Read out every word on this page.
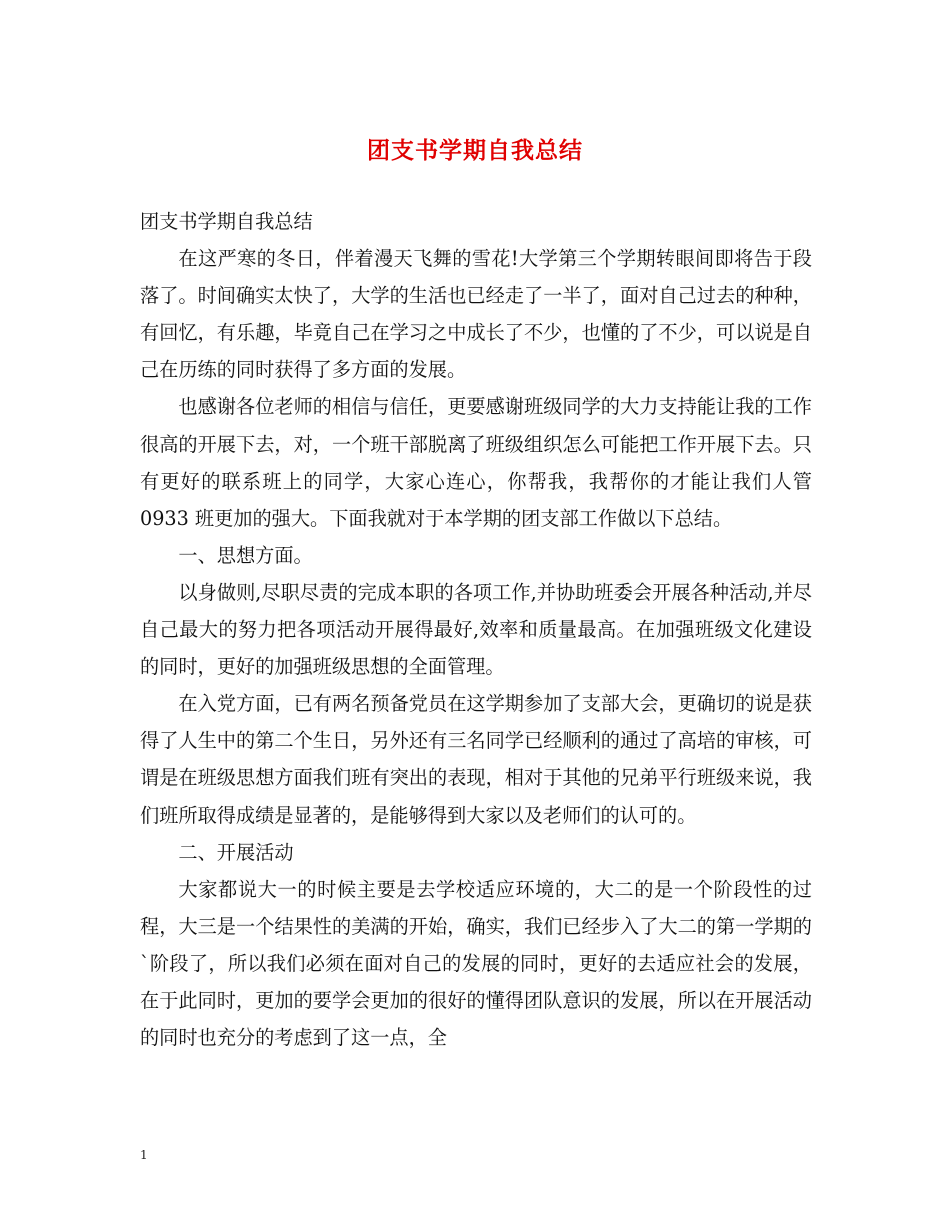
团支书学期自我总结

团支书学期自我总结

在这严寒的冬日，伴着漫天飞舞的雪花!大学第三个学期转眼间即将告于段落了。时间确实太快了，大学的生活也已经走了一半了，面对自己过去的种种，有回忆，有乐趣，毕竟自己在学习之中成长了不少，也懂的了不少，可以说是自己在历练的同时获得了多方面的发展。

也感谢各位老师的相信与信任，更要感谢班级同学的大力支持能让我的工作很高的开展下去，对，一个班干部脱离了班级组织怎么可能把工作开展下去。只有更好的联系班上的同学，大家心连心，你帮我，我帮你的才能让我们人管 0933 班更加的强大。下面我就对于本学期的团支部工作做以下总结。

一、思想方面。

以身做则,尽职尽责的完成本职的各项工作,并协助班委会开展各种活动,并尽自己最大的努力把各项活动开展得最好,效率和质量最高。在加强班级文化建设的同时，更好的加强班级思想的全面管理。

在入党方面，已有两名预备党员在这学期参加了支部大会，更确切的说是获得了人生中的第二个生日，另外还有三名同学已经顺利的通过了高培的审核，可谓是在班级思想方面我们班有突出的表现，相对于其他的兄弟平行班级来说，我们班所取得成绩是显著的，是能够得到大家以及老师们的认可的。

二、开展活动

大家都说大一的时候主要是去学校适应环境的，大二的是一个阶段性的过程，大三是一个结果性的美满的开始，确实，我们已经步入了大二的第一学期的`阶段了，所以我们必须在面对自己的发展的同时，更好的去适应社会的发展，在于此同时，更加的要学会更加的很好的懂得团队意识的发展，所以在开展活动的同时也充分的考虑到了这一点，全

1
